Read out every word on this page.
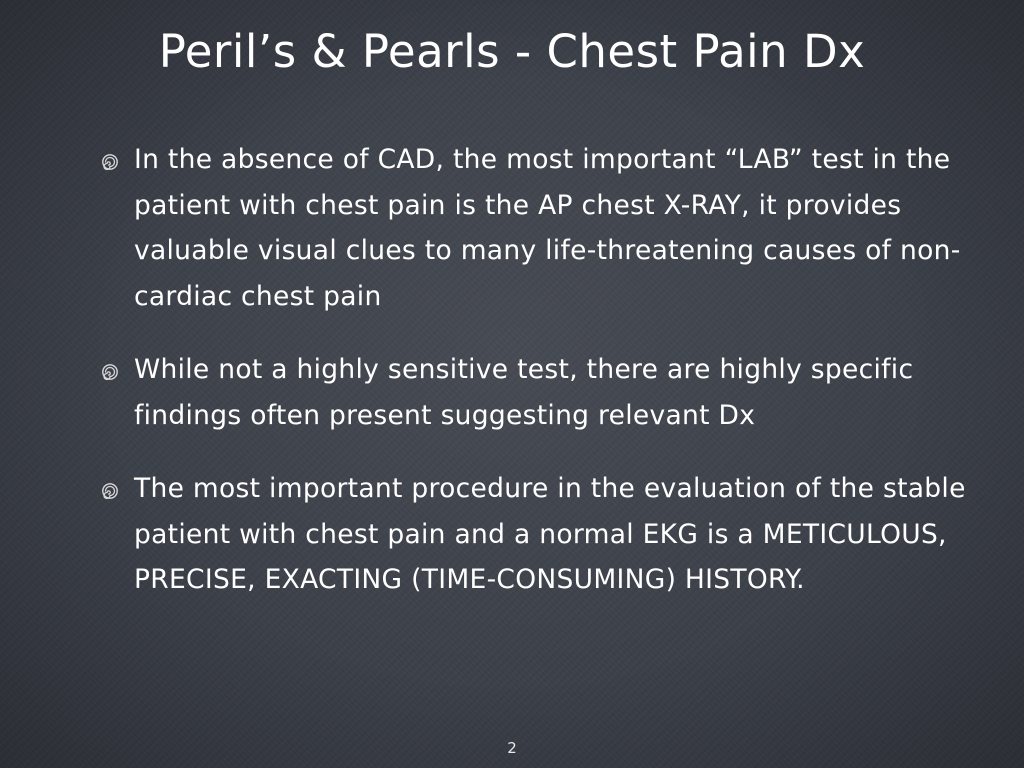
Peril’s & Pearls - Chest Pain Dx
In the absence of CAD, the most important “LAB” test in the patient with chest pain is the AP chest X-RAY, it provides valuable visual clues to many life-threatening causes of non-cardiac chest pain
While not a highly sensitive test, there are highly specific findings often present suggesting relevant Dx
The most important procedure in the evaluation of the stable patient with chest pain and a normal EKG is a METICULOUS, PRECISE, EXACTING (TIME-CONSUMING) HISTORY.
2
